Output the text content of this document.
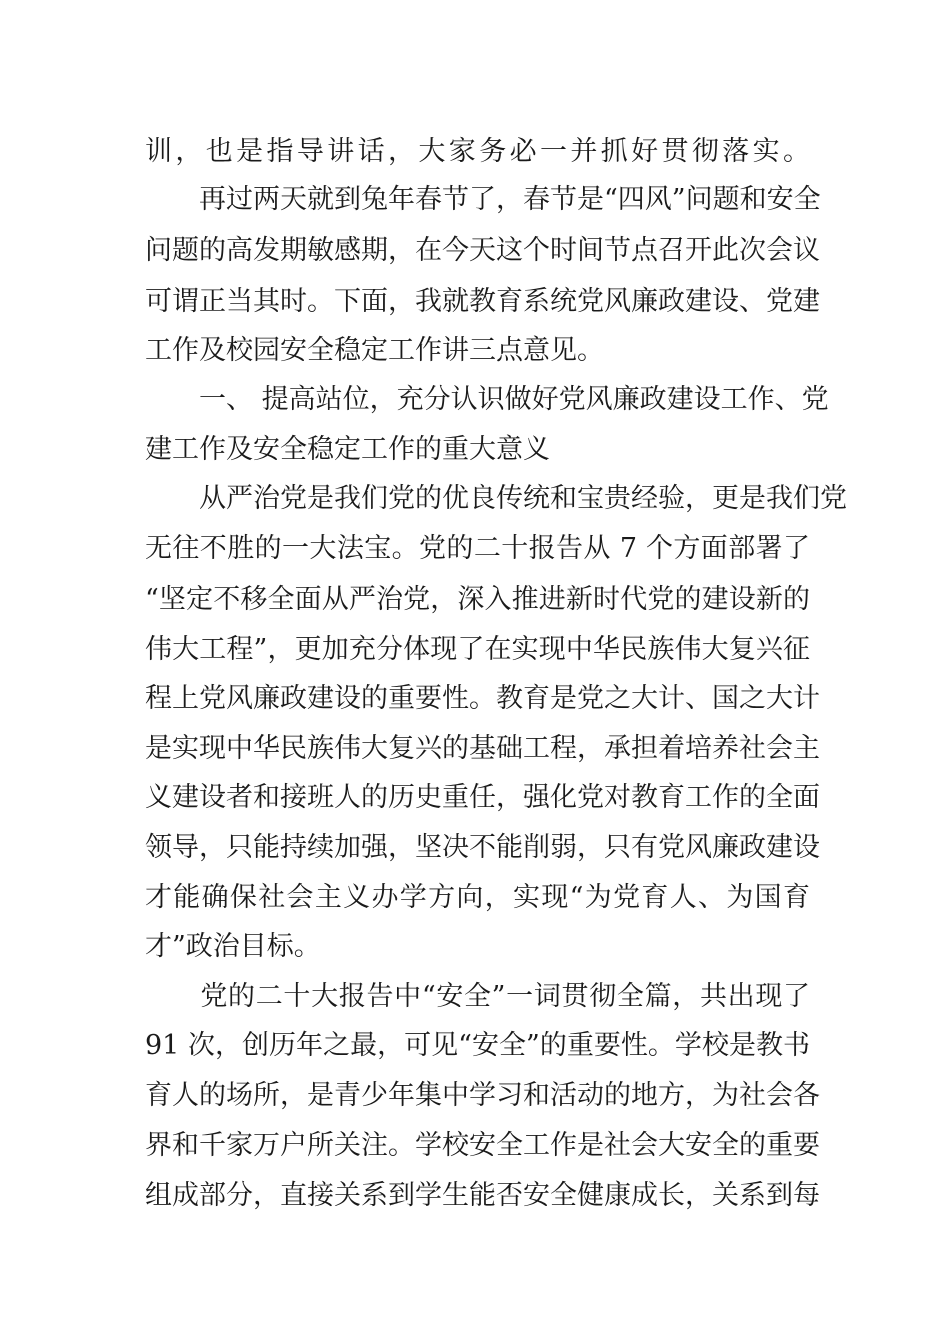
训，也是指导讲话，大家务必一并抓好贯彻落实。
　　再过两天就到兔年春节了，春节是“四风”问题和安全
问题的高发期敏感期，在今天这个时间节点召开此次会议
可谓正当其时。下面，我就教育系统党风廉政建设、党建
工作及校园安全稳定工作讲三点意见。
　　一、 提高站位，充分认识做好党风廉政建设工作、党
建工作及安全稳定工作的重大意义
　　从严治党是我们党的优良传统和宝贵经验，更是我们党
无往不胜的一大法宝。党的二十报告从 7 个方面部署了
“坚定不移全面从严治党，深入推进新时代党的建设新的
伟大工程”，更加充分体现了在实现中华民族伟大复兴征
程上党风廉政建设的重要性。教育是党之大计、国之大计
是实现中华民族伟大复兴的基础工程，承担着培养社会主
义建设者和接班人的历史重任，强化党对教育工作的全面
领导，只能持续加强，坚决不能削弱，只有党风廉政建设
才能确保社会主义办学方向，实现“为党育人、为国育
才”政治目标。
　　党的二十大报告中“安全”一词贯彻全篇，共出现了
91 次，创历年之最，可见“安全”的重要性。学校是教书
育人的场所，是青少年集中学习和活动的地方，为社会各
界和千家万户所关注。学校安全工作是社会大安全的重要
组成部分，直接关系到学生能否安全健康成长，关系到每
